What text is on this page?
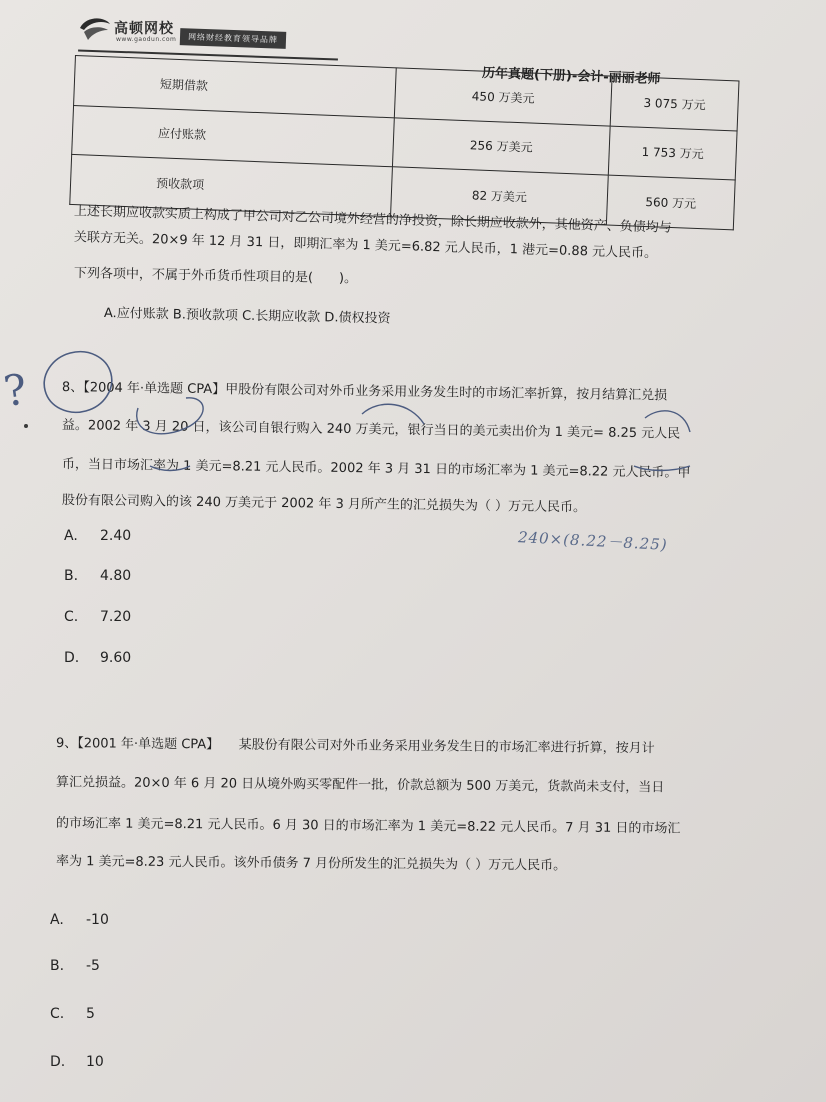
高顿网校
www.gaodun.com	网络财经教育领导品牌
历年真题(下册)-会计-丽丽老师
短期借款	450 万美元	3 075 万元
应付账款	256 万美元	1 753 万元
预收款项	82 万美元	560 万元
上述长期应收款实质上构成了甲公司对乙公司境外经营的净投资，除长期应收款外，其他资产、负债均与
关联方无关。20×9 年 12 月 31 日，即期汇率为 1 美元=6.82 元人民币，1 港元=0.88 元人民币。
下列各项中，不属于外币货币性项目的是(　　)。
A.应付账款 B.预收款项 C.长期应收款 D.债权投资
8、【2004 年·单选题 CPA】甲股份有限公司对外币业务采用业务发生时的市场汇率折算，按月结算汇兑损
益。2002 年 3 月 20 日，该公司自银行购入 240 万美元，银行当日的美元卖出价为 1 美元= 8.25 元人民
币，当日市场汇率为 1 美元=8.21 元人民币。2002 年 3 月 31 日的市场汇率为 1 美元=8.22 元人民币。甲
股份有限公司购入的该 240 万美元于 2002 年 3 月所产生的汇兑损失为（ ）万元人民币。
A. 2.40
B. 4.80
C. 7.20
D. 9.60
9、【2001 年·单选题 CPA】　　某股份有限公司对外币业务采用业务发生日的市场汇率进行折算，按月计
算汇兑损益。20×0 年 6 月 20 日从境外购买零配件一批，价款总额为 500 万美元，货款尚未支付，当日
的市场汇率 1 美元=8.21 元人民币。6 月 30 日的市场汇率为 1 美元=8.22 元人民币。7 月 31 日的市场汇
率为 1 美元=8.23 元人民币。该外币债务 7 月份所发生的汇兑损失为（ ）万元人民币。
A. -10
B. -5
C. 5
D. 10
?
240×(8.22－8.25)
